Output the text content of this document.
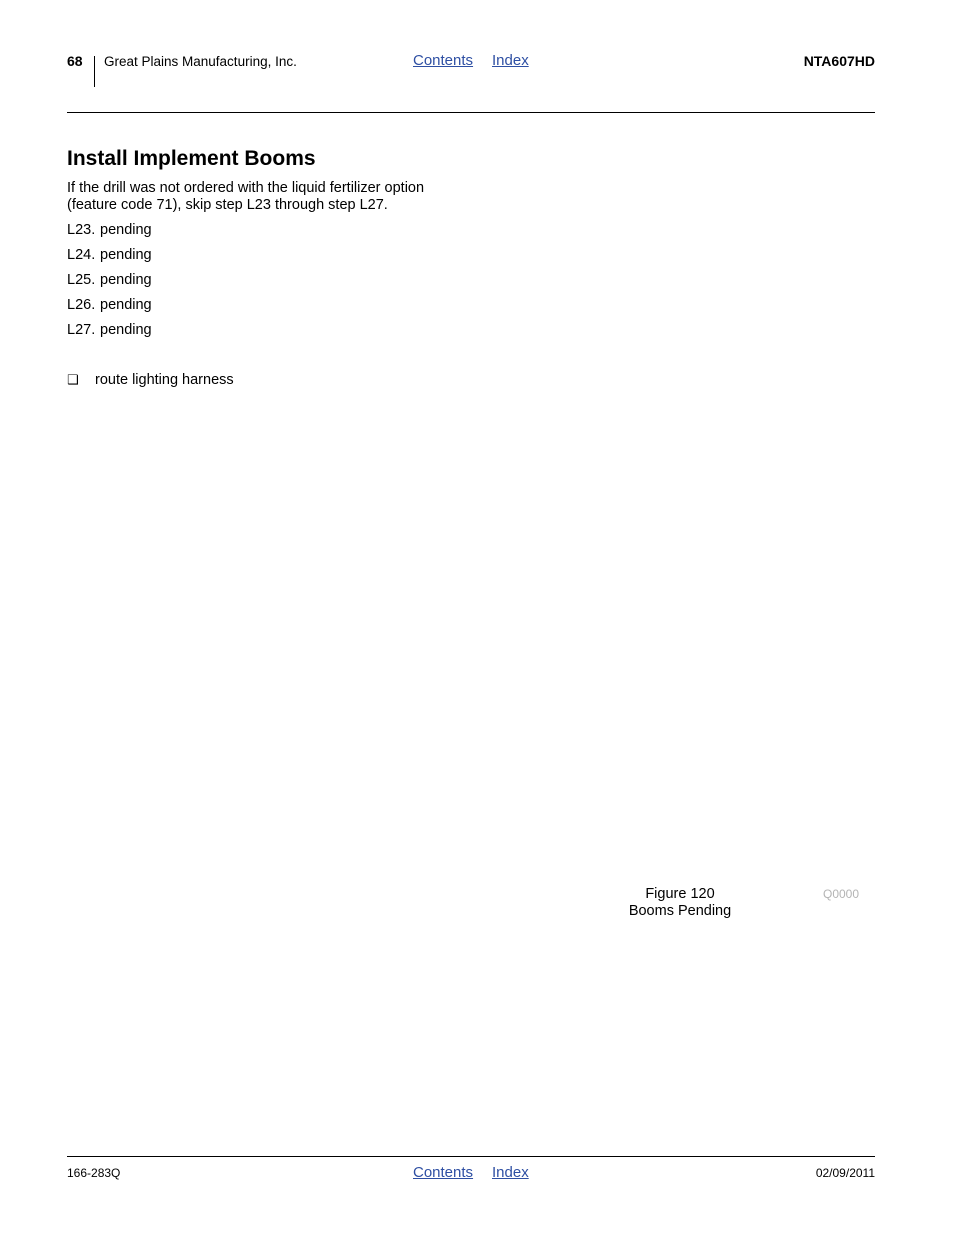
68 Great Plains Manufacturing, Inc.	Contents Index	NTA607HD
Install Implement Booms
If the drill was not ordered with the liquid fertilizer option (feature code 71), skip step L23 through step L27.
L23. pending
L24. pending
L25. pending
L26. pending
L27. pending
❑ route lighting harness
Figure 120
Booms Pending
Q0000
166-283Q	Contents Index	02/09/2011
